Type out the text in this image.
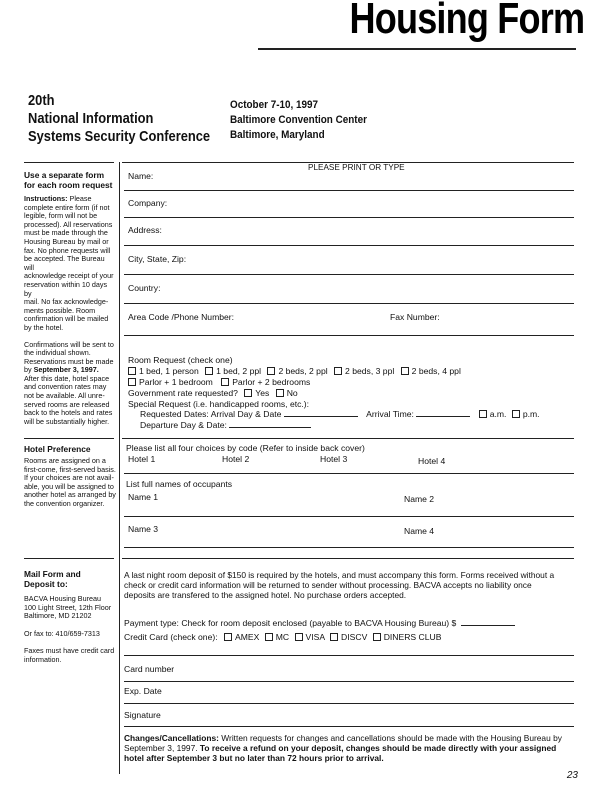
Housing Form
20th
National Information
Systems Security Conference
October 7-10, 1997
Baltimore Convention Center
Baltimore, Maryland
Use a separate form
for each room request
Instructions: Please
complete entire form (if not
legible, form will not be
processed). All reservations
must be made through the
Housing Bureau by mail or
fax. No phone requests will
be accepted. The Bureau will
acknowledge receipt of your
reservation within 10 days by
mail. No fax acknowledge-
ments possible. Room
confirmation will be mailed
by the hotel.
Confirmations will be sent to
the individual shown.
Reservations must be made
by September 3, 1997.
After this date, hotel space
and convention rates may
not be available. All unre-
served rooms are released
back to the hotels and rates
will be substantially higher.
Hotel Preference
Rooms are assigned on a
first-come, first-served basis.
If your choices are not avail-
able, you will be assigned to
another hotel as arranged by
the convention organizer.
Mail Form and
Deposit to:
BACVA Housing Bureau
100 Light Street, 12th Floor
Baltimore, MD 21202
Or fax to: 410/659-7313
Faxes must have credit card
information.
PLEASE PRINT OR TYPE
Name:
Company:
Address:
City, State, Zip:
Country:
Area Code /Phone Number:	Fax Number:
Room Request (check one)
1 bed, 1 person 1 bed, 2 ppl 2 beds, 2 ppl 2 beds, 3 ppl 2 beds, 4 ppl
Parlor + 1 bedroom Parlor + 2 bedrooms
Government rate requested? Yes No
Special Request (i.e. handicapped rooms, etc.):
Requested Dates: Arrival Day & Date	Arrival Time:	a.m. p.m.
Departure Day & Date:
Please list all four choices by code (Refer to inside back cover)
Hotel 1	Hotel 2	Hotel 3	Hotel 4
List full names of occupants
Name 1	Name 2
Name 3	Name 4
A last night room deposit of $150 is required by the hotels, and must accompany this form. Forms received without a check or credit card information will be returned to sender without processing. BACVA accepts no liability once deposits are transfered to the assigned hotel. No purchase orders accepted.
Payment type: Check for room deposit enclosed (payable to BACVA Housing Bureau) $
Credit Card (check one): AMEX MC VISA DISCV DINERS CLUB
Card number
Exp. Date
Signature
Changes/Cancellations: Written requests for changes and cancellations should be made with the Housing Bureau by September 3, 1997. To receive a refund on your deposit, changes should be made directly with your assigned hotel after September 3 but no later than 72 hours prior to arrival.
23
